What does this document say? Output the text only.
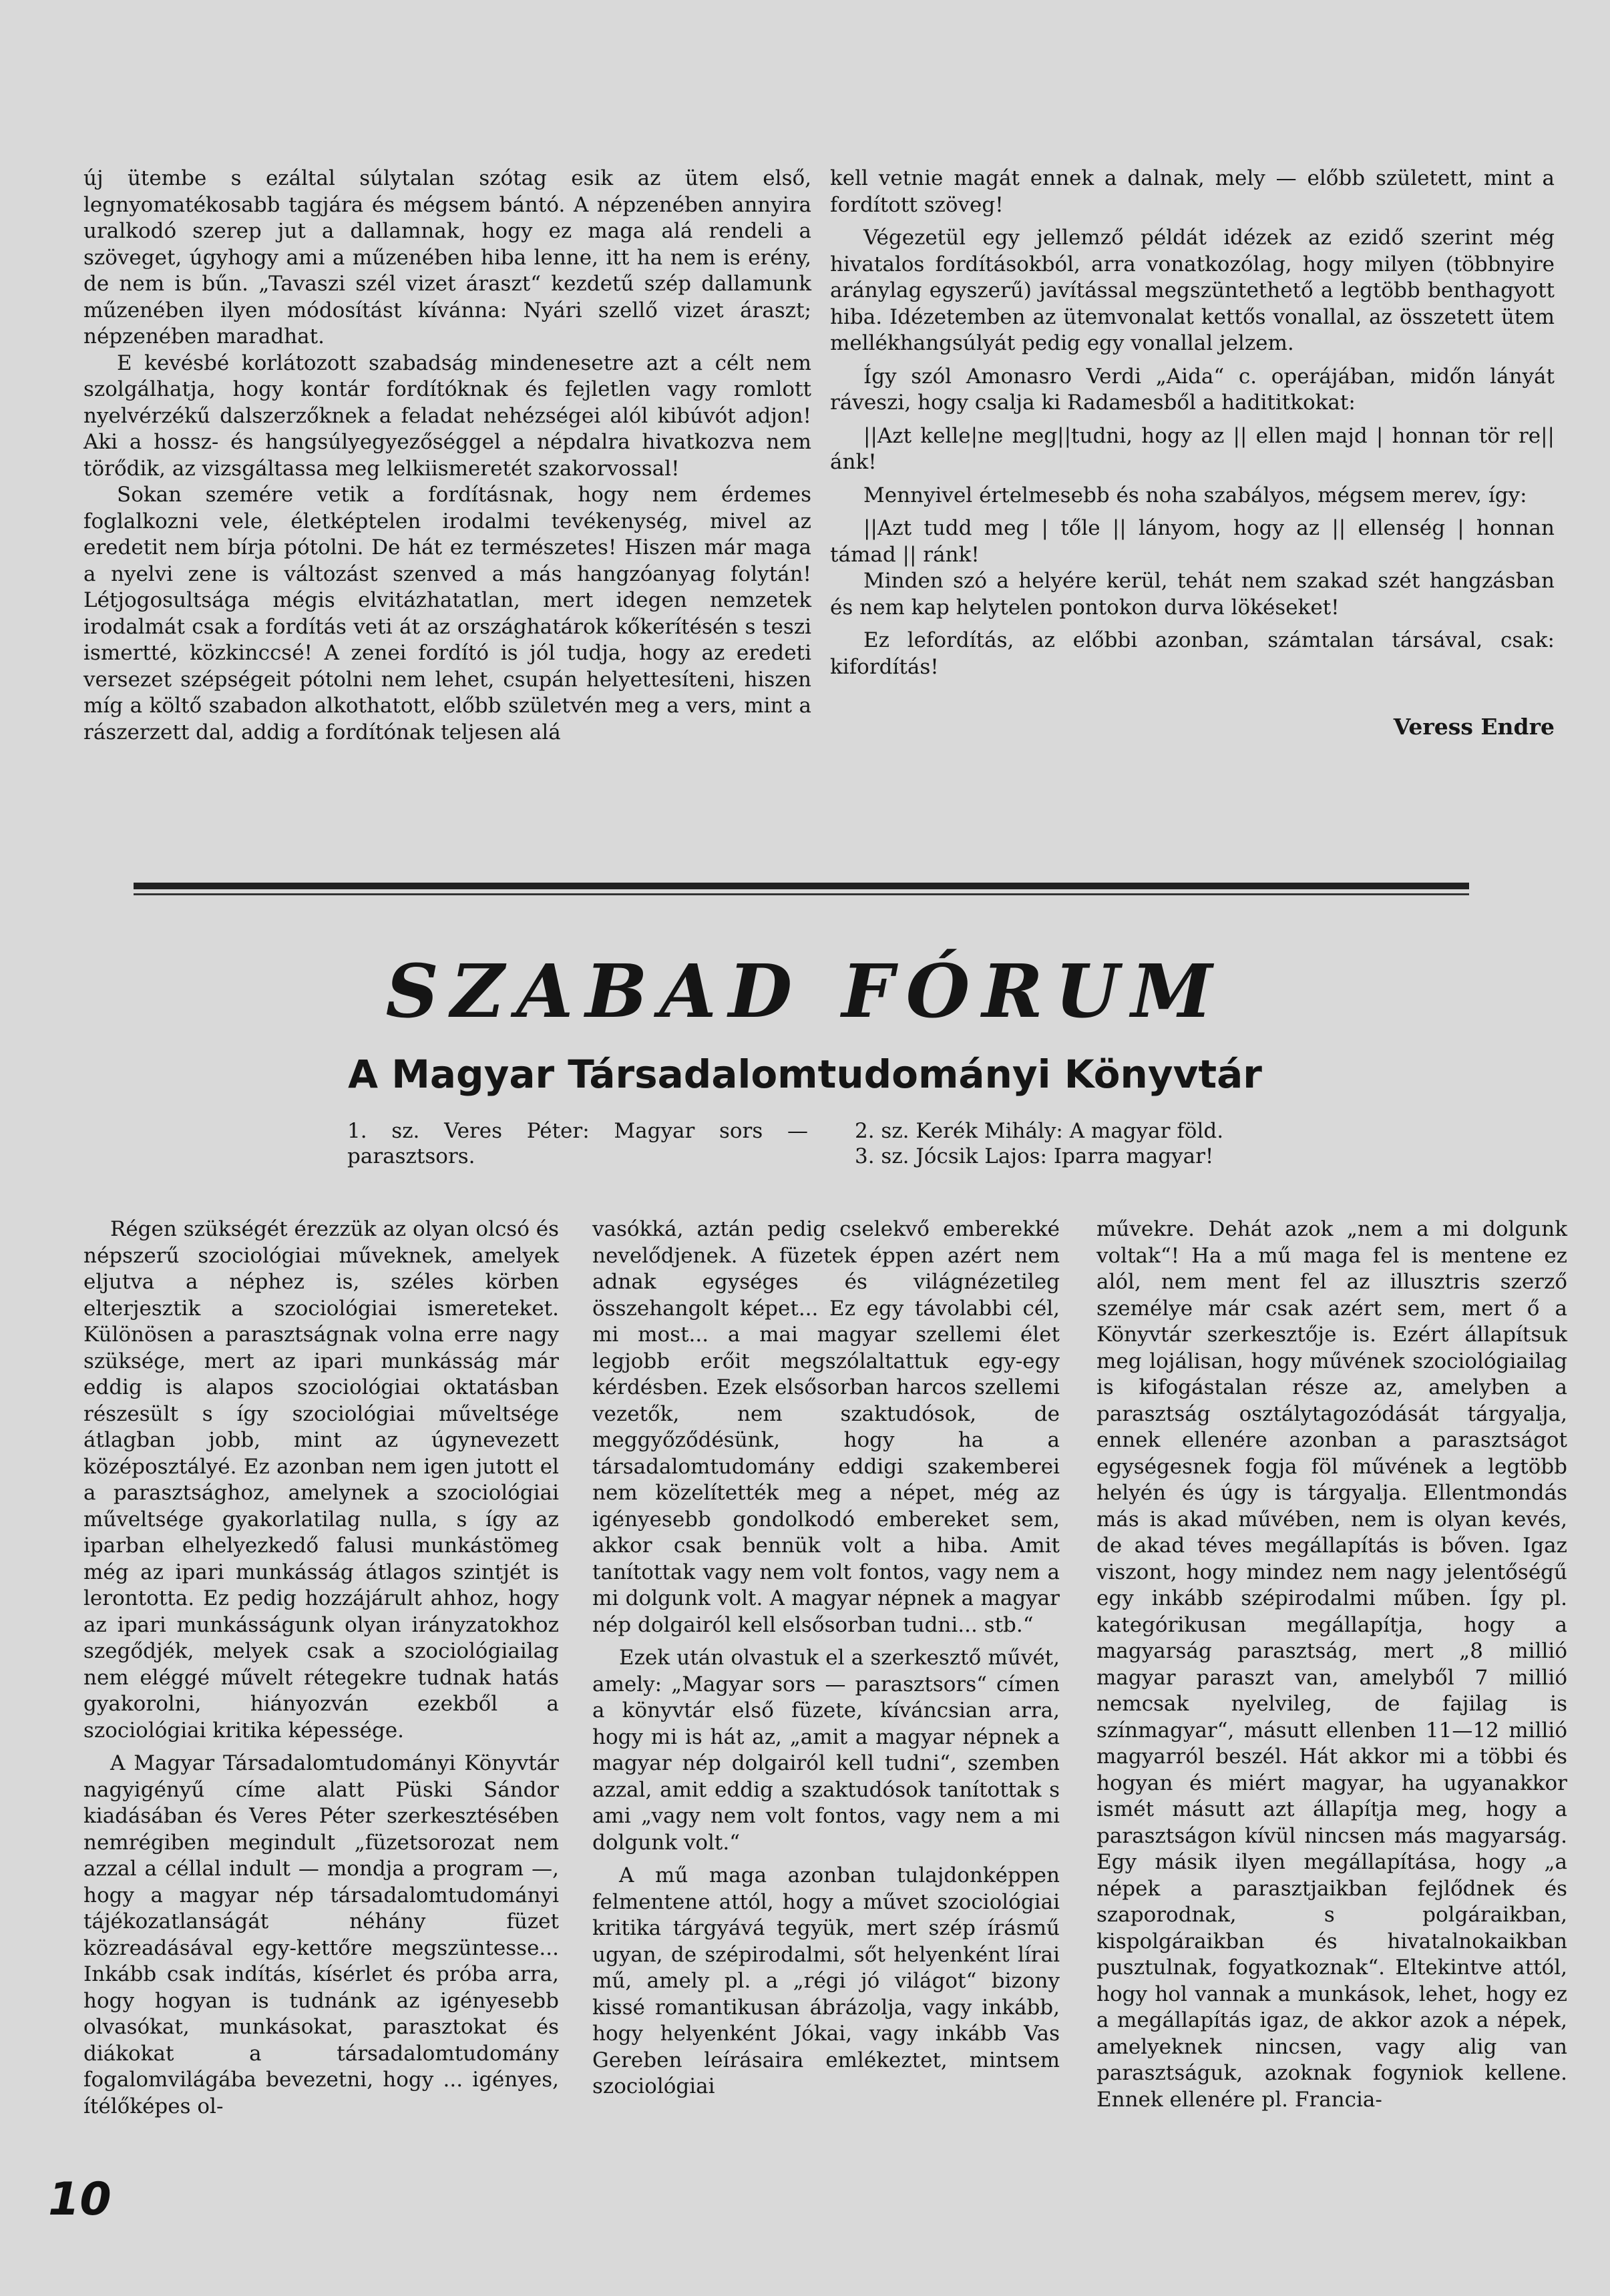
új ütembe s ezáltal súlytalan szótag esik az ütem első, legnyomatékosabb tagjára és mégsem bántó. A népzenében annyira uralkodó szerep jut a dallamnak, hogy ez maga alá rendeli a szöveget, úgyhogy ami a műzenében hiba lenne, itt ha nem is erény, de nem is bűn. „Tavaszi szél vizet áraszt“ kezdetű szép dallamunk műzenében ilyen módosítást kívánna: Nyári szellő vizet áraszt; népzenében maradhat.

E kevésbé korlátozott szabadság mindenesetre azt a célt nem szolgálhatja, hogy kontár fordítóknak és fejletlen vagy romlott nyelvérzékű dalszerzőknek a feladat nehézségei alól kibúvót adjon! Aki a hossz- és hangsúlyegyezőséggel a népdalra hivatkozva nem törődik, az vizsgáltassa meg lelkiismeretét szakorvossal!

Sokan szemére vetik a fordításnak, hogy nem érdemes foglalkozni vele, életképtelen irodalmi tevékenység, mivel az eredetit nem bírja pótolni. De hát ez természetes! Hiszen már maga a nyelvi zene is változást szenved a más hangzóanyag folytán! Létjogosultsága mégis elvitázhatatlan, mert idegen nemzetek irodalmát csak a fordítás veti át az országhatárok kőkerítésén s teszi ismertté, közkinccsé! A zenei fordító is jól tudja, hogy az eredeti versezet szépségeit pótolni nem lehet, csupán helyettesíteni, hiszen míg a költő szabadon alkothatott, előbb születvén meg a vers, mint a rászerzett dal, addig a fordítónak teljesen alá

kell vetnie magát ennek a dalnak, mely — előbb született, mint a fordított szöveg!

Végezetül egy jellemző példát idézek az ezidő szerint még hivatalos fordításokból, arra vonatkozólag, hogy milyen (többnyire aránylag egyszerű) javítással megszüntethető a legtöbb benthagyott hiba. Idézetemben az ütemvonalat kettős vonallal, az összetett ütem mellékhangsúlyát pedig egy vonallal jelzem.

Így szól Amonasro Verdi „Aida“ c. operájában, midőn lányát ráveszi, hogy csalja ki Radamesből a hadititkokat:

||Azt kelle|ne meg||tudni, hogy az || ellen majd | honnan tör re||ánk!

Mennyivel értelmesebb és noha szabályos, mégsem merev, így:

||Azt tudd meg | tőle || lányom, hogy az || ellenség | honnan támad || ránk!

Minden szó a helyére kerül, tehát nem szakad szét hangzásban és nem kap helytelen pontokon durva lökéseket!

Ez lefordítás, az előbbi azonban, számtalan társával, csak: kifordítás!

Veress Endre

SZABAD FÓRUM
A Magyar Társadalomtudományi Könyvtár
1. sz. Veres Péter: Magyar sors — parasztsors.
2. sz. Kerék Mihály: A magyar föld.
3. sz. Jócsik Lajos: Iparra magyar!

Régen szükségét érezzük az olyan olcsó és népszerű szociológiai műveknek, amelyek eljutva a néphez is, széles körben elterjesztik a szociológiai ismereteket. Különösen a parasztságnak volna erre nagy szüksége, mert az ipari munkásság már eddig is alapos szociológiai oktatásban részesült s így szociológiai műveltsége átlagban jobb, mint az úgynevezett középosztályé. Ez azonban nem igen jutott el a parasztsághoz, amelynek a szociológiai műveltsége gyakorlatilag nulla, s így az iparban elhelyezkedő falusi munkástömeg még az ipari munkásság átlagos szintjét is lerontotta. Ez pedig hozzájárult ahhoz, hogy az ipari munkásságunk olyan irányzatokhoz szegődjék, melyek csak a szociológiailag nem eléggé művelt rétegekre tudnak hatás gyakorolni, hiányozván ezekből a szociológiai kritika képessége.

A Magyar Társadalomtudományi Könyvtár nagyigényű címe alatt Püski Sándor kiadásában és Veres Péter szerkesztésében nemrégiben megindult „füzetsorozat nem azzal a céllal indult — mondja a program —, hogy a magyar nép társadalomtudományi tájékozatlanságát néhány füzet közreadásával egy-kettőre megszüntesse... Inkább csak indítás, kísérlet és próba arra, hogy hogyan is tudnánk az igényesebb olvasókat, munkásokat, parasztokat és diákokat a társadalomtudomány fogalomvilágába bevezetni, hogy ... igényes, ítélőképes ol-

vasókká, aztán pedig cselekvő emberekké nevelődjenek. A füzetek éppen azért nem adnak egységes és világnézetileg összehangolt képet... Ez egy távolabbi cél, mi most... a mai magyar szellemi élet legjobb erőit megszólaltattuk egy-egy kérdésben. Ezek elsősorban harcos szellemi vezetők, nem szaktudósok, de meggyőződésünk, hogy ha a társadalomtudomány eddigi szakemberei nem közelítették meg a népet, még az igényesebb gondolkodó embereket sem, akkor csak bennük volt a hiba. Amit tanítottak vagy nem volt fontos, vagy nem a mi dolgunk volt. A magyar népnek a magyar nép dolgairól kell elsősorban tudni... stb.“

Ezek után olvastuk el a szerkesztő művét, amely: „Magyar sors — parasztsors“ címen a könyvtár első füzete, kíváncsian arra, hogy mi is hát az, „amit a magyar népnek a magyar nép dolgairól kell tudni“, szemben azzal, amit eddig a szaktudósok tanítottak s ami „vagy nem volt fontos, vagy nem a mi dolgunk volt.“

A mű maga azonban tulajdonképpen felmentene attól, hogy a művet szociológiai kritika tárgyává tegyük, mert szép írásmű ugyan, de szépirodalmi, sőt helyenként lírai mű, amely pl. a „régi jó világot“ bizony kissé romantikusan ábrázolja, vagy inkább, hogy helyenként Jókai, vagy inkább Vas Gereben leírásaira emlékeztet, mintsem szociológiai

művekre. Dehát azok „nem a mi dolgunk voltak“! Ha a mű maga fel is mentene ez alól, nem ment fel az illusztris szerző személye már csak azért sem, mert ő a Könyvtár szerkesztője is. Ezért állapítsuk meg lojálisan, hogy művének szociológiailag is kifogástalan része az, amelyben a parasztság osztálytagozódását tárgyalja, ennek ellenére azonban a parasztságot egységesnek fogja föl művének a legtöbb helyén és úgy is tárgyalja. Ellentmondás más is akad művében, nem is olyan kevés, de akad téves megállapítás is bőven. Igaz viszont, hogy mindez nem nagy jelentőségű egy inkább szépirodalmi műben. Így pl. kategórikusan megállapítja, hogy a magyarság parasztság, mert „8 millió magyar paraszt van, amelyből 7 millió nemcsak nyelvileg, de fajilag is színmagyar“, másutt ellenben 11—12 millió magyarról beszél. Hát akkor mi a többi és hogyan és miért magyar, ha ugyanakkor ismét másutt azt állapítja meg, hogy a parasztságon kívül nincsen más magyarság. Egy másik ilyen megállapítása, hogy „a népek a parasztjaikban fejlődnek és szaporodnak, s polgáraikban, kispolgáraikban és hivatalnokaikban pusztulnak, fogyatkoznak“. Eltekintve attól, hogy hol vannak a munkások, lehet, hogy ez a megállapítás igaz, de akkor azok a népek, amelyeknek nincsen, vagy alig van parasztságuk, azoknak fogyniok kellene. Ennek ellenére pl. Francia-

10
